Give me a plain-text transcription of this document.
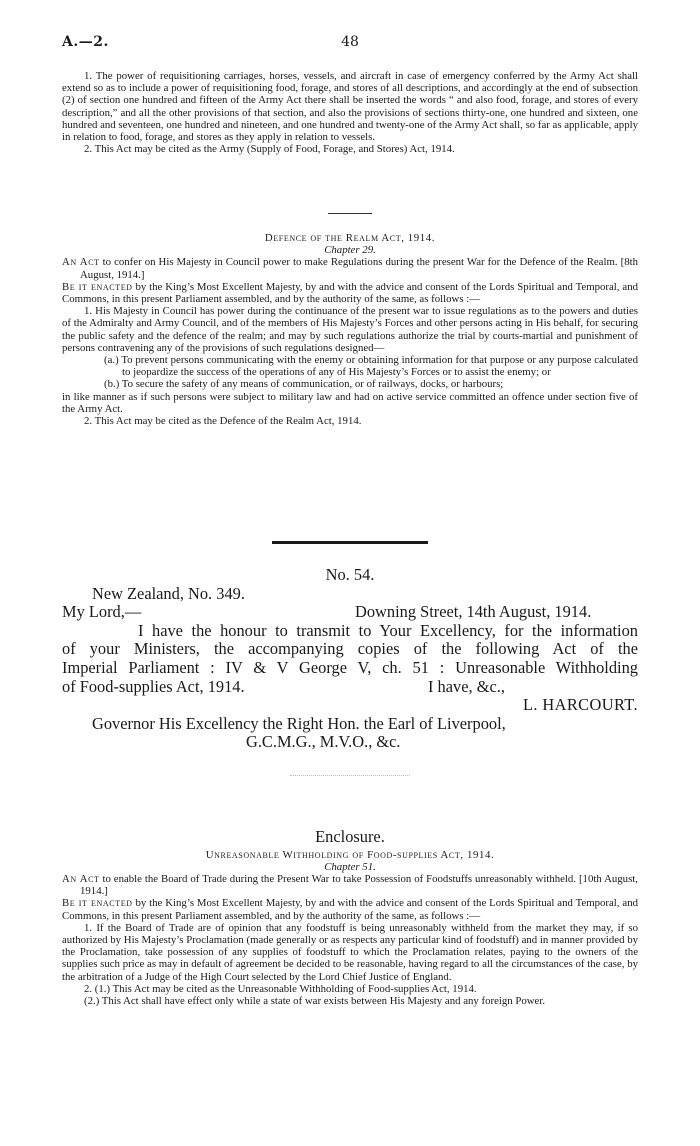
A.—2.	48

1. The power of requisitioning carriages, horses, vessels, and aircraft in case of emergency conferred by the Army Act shall extend so as to include a power of requisitioning food, forage, and stores of all descriptions, and accordingly at the end of subsection (2) of section one hundred and fifteen of the Army Act there shall be inserted the words “ and also food, forage, and stores of every description,” and all the other provisions of that section, and also the provisions of sections thirty-one, one hundred and sixteen, one hundred and seventeen, one hundred and nineteen, and one hundred and twenty-one of the Army Act shall, so far as applicable, apply in relation to food, forage, and stores as they apply in relation to vessels.

2. This Act may be cited as the Army (Supply of Food, Forage, and Stores) Act, 1914.

Defence of the Realm Act, 1914.

Chapter 29.

An Act to confer on His Majesty in Council power to make Regulations during the present War for the Defence of the Realm. [8th August, 1914.]

Be it enacted by the King’s Most Excellent Majesty, by and with the advice and consent of the Lords Spiritual and Temporal, and Commons, in this present Parliament assembled, and by the authority of the same, as follows :—

1. His Majesty in Council has power during the continuance of the present war to issue regulations as to the powers and duties of the Admiralty and Army Council, and of the members of His Majesty’s Forces and other persons acting in His behalf, for securing the public safety and the defence of the realm; and may by such regulations authorize the trial by courts-martial and punishment of persons contravening any of the provisions of such regulations designed—

(a.) To prevent persons communicating with the enemy or obtaining information for that purpose or any purpose calculated to jeopardize the success of the operations of any of His Majesty’s Forces or to assist the enemy; or

(b.) To secure the safety of any means of communication, or of railways, docks, or harbours;

in like manner as if such persons were subject to military law and had on active service committed an offence under section five of the Army Act.

2. This Act may be cited as the Defence of the Realm Act, 1914.

No. 54.

New Zealand, No. 349.

My Lord,—	Downing Street, 14th August, 1914.

I have the honour to transmit to Your Excellency, for the information

of your Ministers, the accompanying copies of the following Act of the

Imperial Parliament : IV & V George V, ch. 51 : Unreasonable Withholding

of Food-supplies Act, 1914.	I have, &c.,

L. HARCOURT.

Governor His Excellency the Right Hon. the Earl of Liverpool,

G.C.M.G., M.V.O., &c.

Enclosure.

Unreasonable Withholding of Food-supplies Act, 1914.

Chapter 51.

An Act to enable the Board of Trade during the Present War to take Possession of Foodstuffs unreasonably withheld. [10th August, 1914.]

Be it enacted by the King’s Most Excellent Majesty, by and with the advice and consent of the Lords Spiritual and Temporal, and Commons, in this present Parliament assembled, and by the authority of the same, as follows :—

1. If the Board of Trade are of opinion that any foodstuff is being unreasonably withheld from the market they may, if so authorized by His Majesty’s Proclamation (made generally or as respects any particular kind of foodstuff) and in manner provided by the Proclamation, take possession of any supplies of foodstuff to which the Proclamation relates, paying to the owners of the supplies such price as may in default of agreement be decided to be reasonable, having regard to all the circumstances of the case, by the arbitration of a Judge of the High Court selected by the Lord Chief Justice of England.

2. (1.) This Act may be cited as the Unreasonable Withholding of Food-supplies Act, 1914.

(2.) This Act shall have effect only while a state of war exists between His Majesty and any foreign Power.
